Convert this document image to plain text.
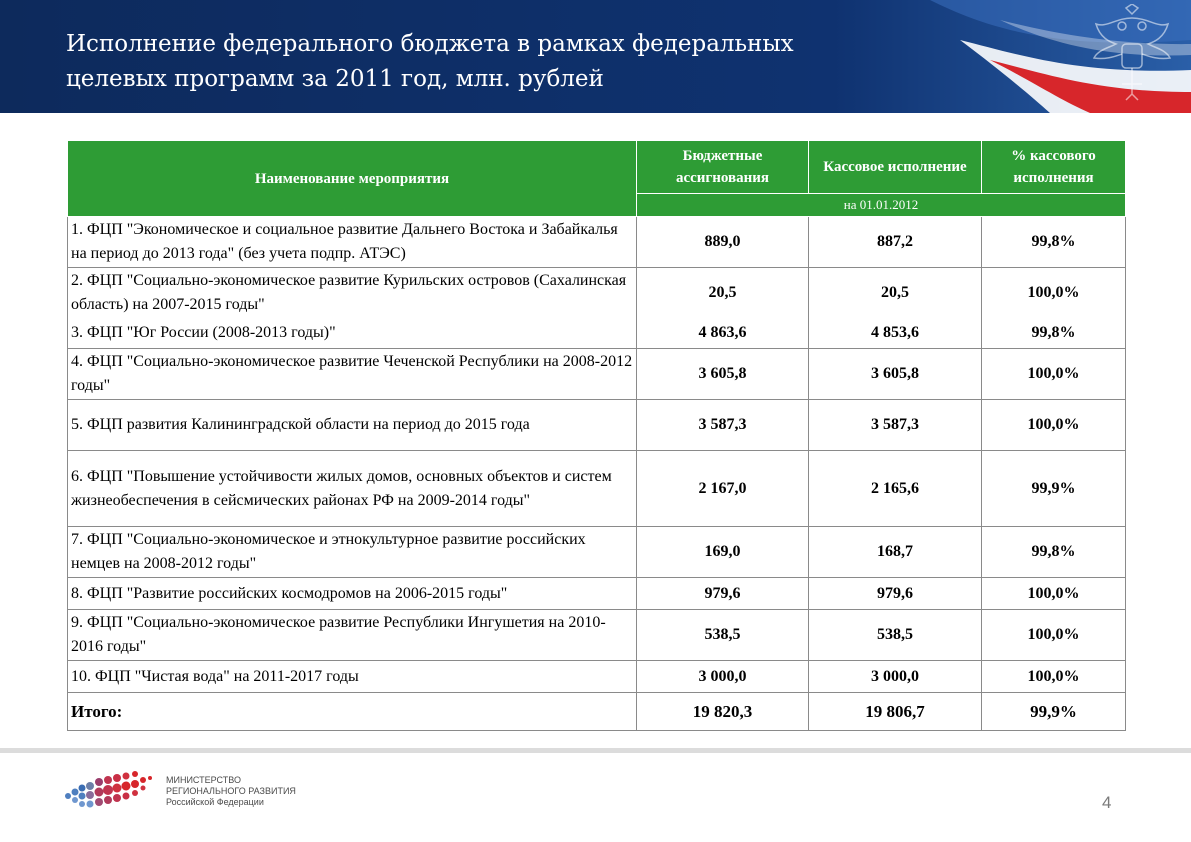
Исполнение федерального бюджета в рамках федеральных
целевых программ за 2011 год, млн. рублей
Наименование мероприятия	Бюджетные ассигнования	Кассовое исполнение	% кассового исполнения
	на 01.01.2012		
1. ФЦП "Экономическое и социальное развитие Дальнего Востока и Забайкалья на период до 2013 года" (без учета подпр. АТЭС)	889,0	887,2	99,8%
2. ФЦП "Социально-экономическое развитие Курильских островов (Сахалинская область) на 2007-2015 годы"	20,5	20,5	100,0%
3. ФЦП "Юг России (2008-2013 годы)"	4 863,6	4 853,6	99,8%
4. ФЦП "Социально-экономическое развитие Чеченской Республики на 2008-2012 годы"	3 605,8	3 605,8	100,0%
5. ФЦП развития Калининградской области на период до 2015 года	3 587,3	3 587,3	100,0%
6. ФЦП "Повышение устойчивости жилых домов, основных объектов и систем жизнеобеспечения в сейсмических районах РФ на 2009-2014 годы"	2 167,0	2 165,6	99,9%
7. ФЦП "Социально-экономическое и этнокультурное развитие российских немцев на 2008-2012 годы"	169,0	168,7	99,8%
8. ФЦП "Развитие российских космодромов на 2006-2015 годы"	979,6	979,6	100,0%
9. ФЦП "Социально-экономическое развитие Республики Ингушетия на 2010-2016 годы"	538,5	538,5	100,0%
10. ФЦП "Чистая вода" на 2011-2017 годы	3 000,0	3 000,0	100,0%
Итого:	19 820,3	19 806,7	99,9%
МИНИСТЕРСТВО
РЕГИОНАЛЬНОГО РАЗВИТИЯ
Российской Федерации	4
